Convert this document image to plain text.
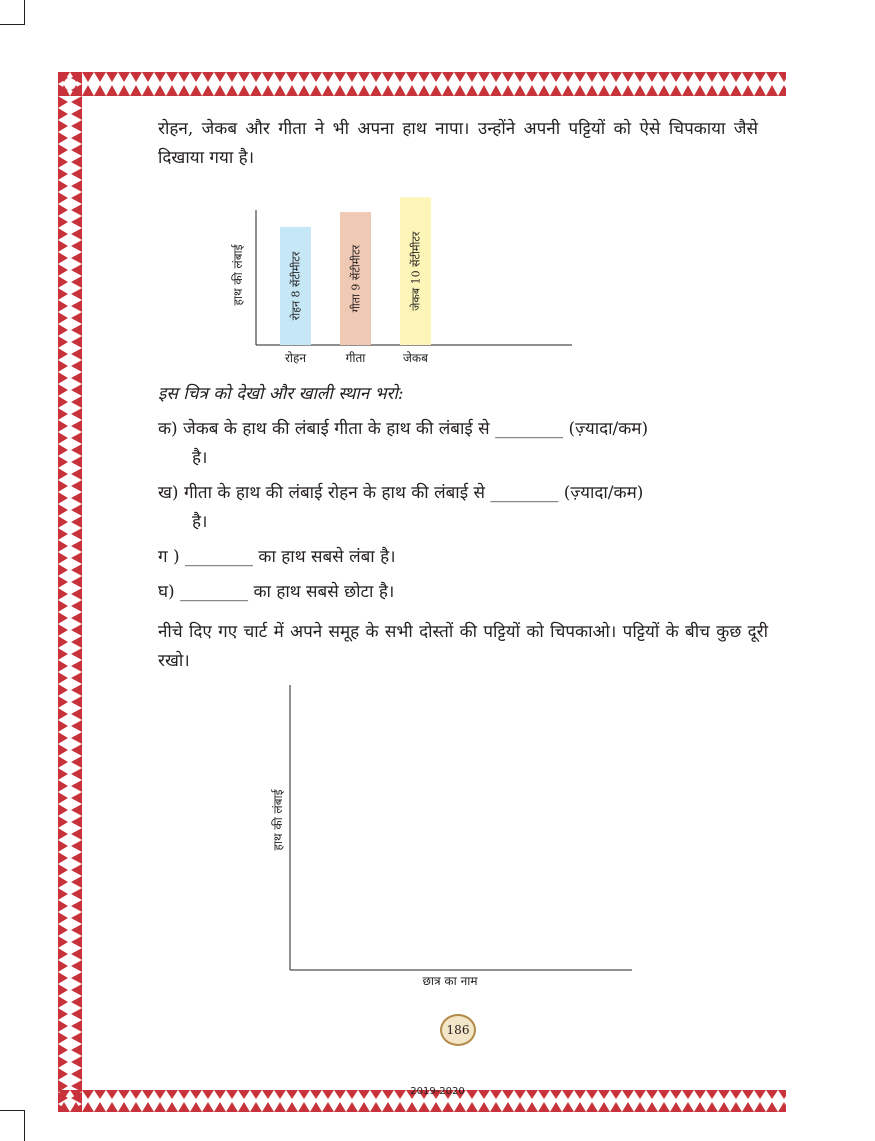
रोहन, जेकब और गीता ने भी अपना हाथ नापा। उन्होंने अपनी पट्टियों को ऐसे चिपकाया जैसे दिखाया गया है।

हाथ की लंबाई	रोहन 8 सेंटीमीटर
रोहन
गीता 9 सेंटीमीटर
गीता
जेकब 10 सेंटीमीटर
जेकब
इस चित्र को देखो और खाली स्थान भरो:
क) जेकब के हाथ की लंबाई गीता के हाथ की लंबाई से ________ (ज़्यादा/कम)
है।
ख) गीता के हाथ की लंबाई रोहन के हाथ की लंबाई से ________ (ज़्यादा/कम)
है।
ग ) ________ का हाथ सबसे लंबा है।
घ) ________ का हाथ सबसे छोटा है।

नीचे दिए गए चार्ट में अपने समूह के सभी दोस्तों की पट्टियों को चिपकाओ। पट्टियों के बीच कुछ दूरी रखो।

हाथ की लंबाई
छात्र का नाम
186
2019-2020
